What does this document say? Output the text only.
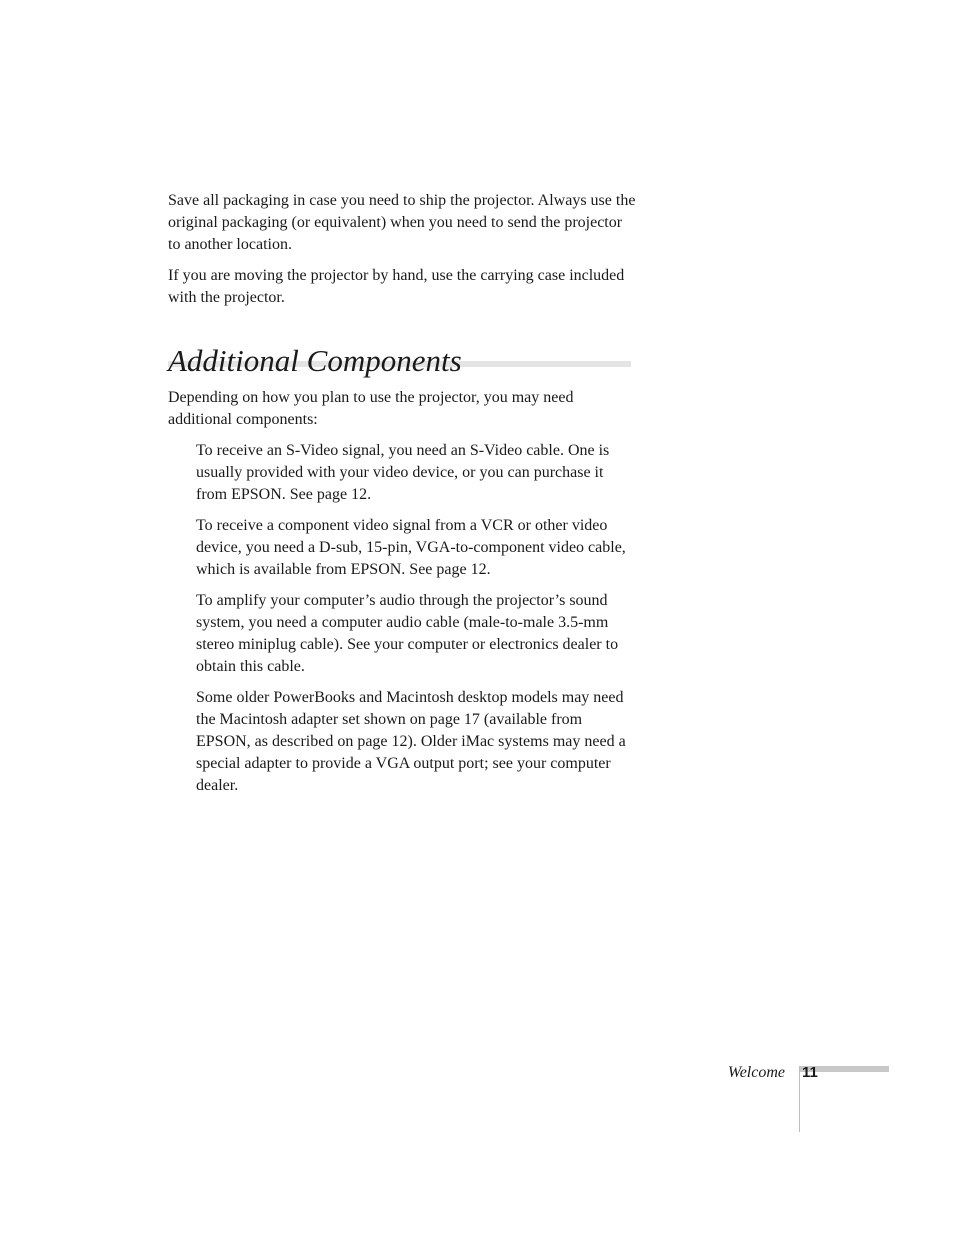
Save all packaging in case you need to ship the projector. Always use the original packaging (or equivalent) when you need to send the projector to another location.

If you are moving the projector by hand, use the carrying case included with the projector.

Additional Components

Depending on how you plan to use the projector, you may need additional components:

To receive an S-Video signal, you need an S-Video cable. One is usually provided with your video device, or you can purchase it from EPSON. See page 12.

To receive a component video signal from a VCR or other video device, you need a D-sub, 15-pin, VGA-to-component video cable, which is available from EPSON. See page 12.

To amplify your computer’s audio through the projector’s sound system, you need a computer audio cable (male-to-male 3.5-mm stereo miniplug cable). See your computer or electronics dealer to obtain this cable.

Some older PowerBooks and Macintosh desktop models may need the Macintosh adapter set shown on page 17 (available from EPSON, as described on page 12). Older iMac systems may need a special adapter to provide a VGA output port; see your computer dealer.

Welcome 11
